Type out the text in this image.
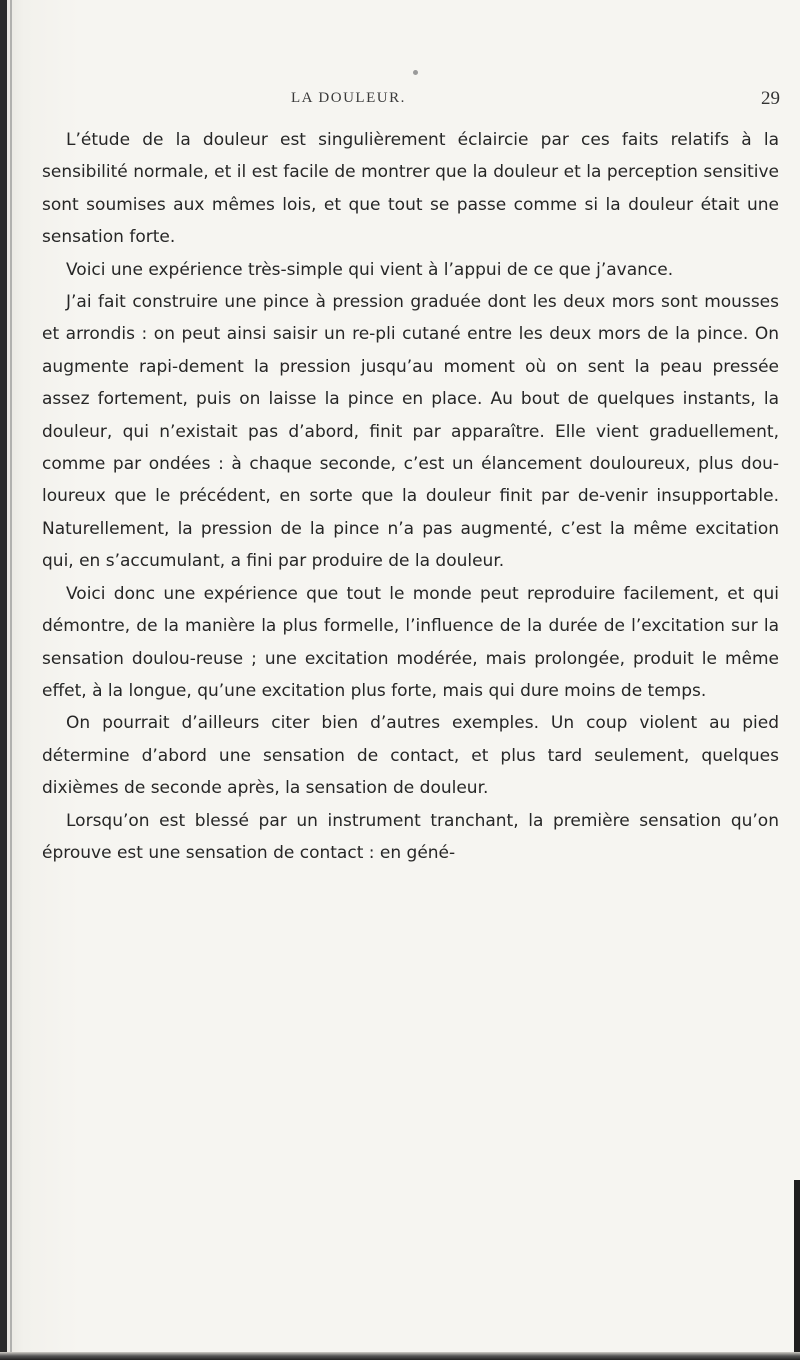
LA DOULEUR.	29

L’étude de la douleur est singulièrement éclaircie par ces faits relatifs à la sensibilité normale, et il est facile de montrer que la douleur et la perception sensitive sont soumises aux mêmes lois, et que tout se passe comme si la douleur était une sensation forte.

Voici une expérience très-simple qui vient à l’appui de ce que j’avance.

J’ai fait construire une pince à pression graduée dont les deux mors sont mousses et arrondis : on peut ainsi saisir un re-pli cutané entre les deux mors de la pince. On augmente rapi-dement la pression jusqu’au moment où on sent la peau pressée assez fortement, puis on laisse la pince en place. Au bout de quelques instants, la douleur, qui n’existait pas d’abord, finit par apparaître. Elle vient graduellement, comme par ondées : à chaque seconde, c’est un élancement douloureux, plus dou-loureux que le précédent, en sorte que la douleur finit par de-venir insupportable. Naturellement, la pression de la pince n’a pas augmenté, c’est la même excitation qui, en s’accumulant, a fini par produire de la douleur.

Voici donc une expérience que tout le monde peut reproduire facilement, et qui démontre, de la manière la plus formelle, l’influence de la durée de l’excitation sur la sensation doulou-reuse ; une excitation modérée, mais prolongée, produit le même effet, à la longue, qu’une excitation plus forte, mais qui dure moins de temps.

On pourrait d’ailleurs citer bien d’autres exemples. Un coup violent au pied détermine d’abord une sensation de contact, et plus tard seulement, quelques dixièmes de seconde après, la sensation de douleur.

Lorsqu’on est blessé par un instrument tranchant, la première sensation qu’on éprouve est une sensation de contact : en géné-
